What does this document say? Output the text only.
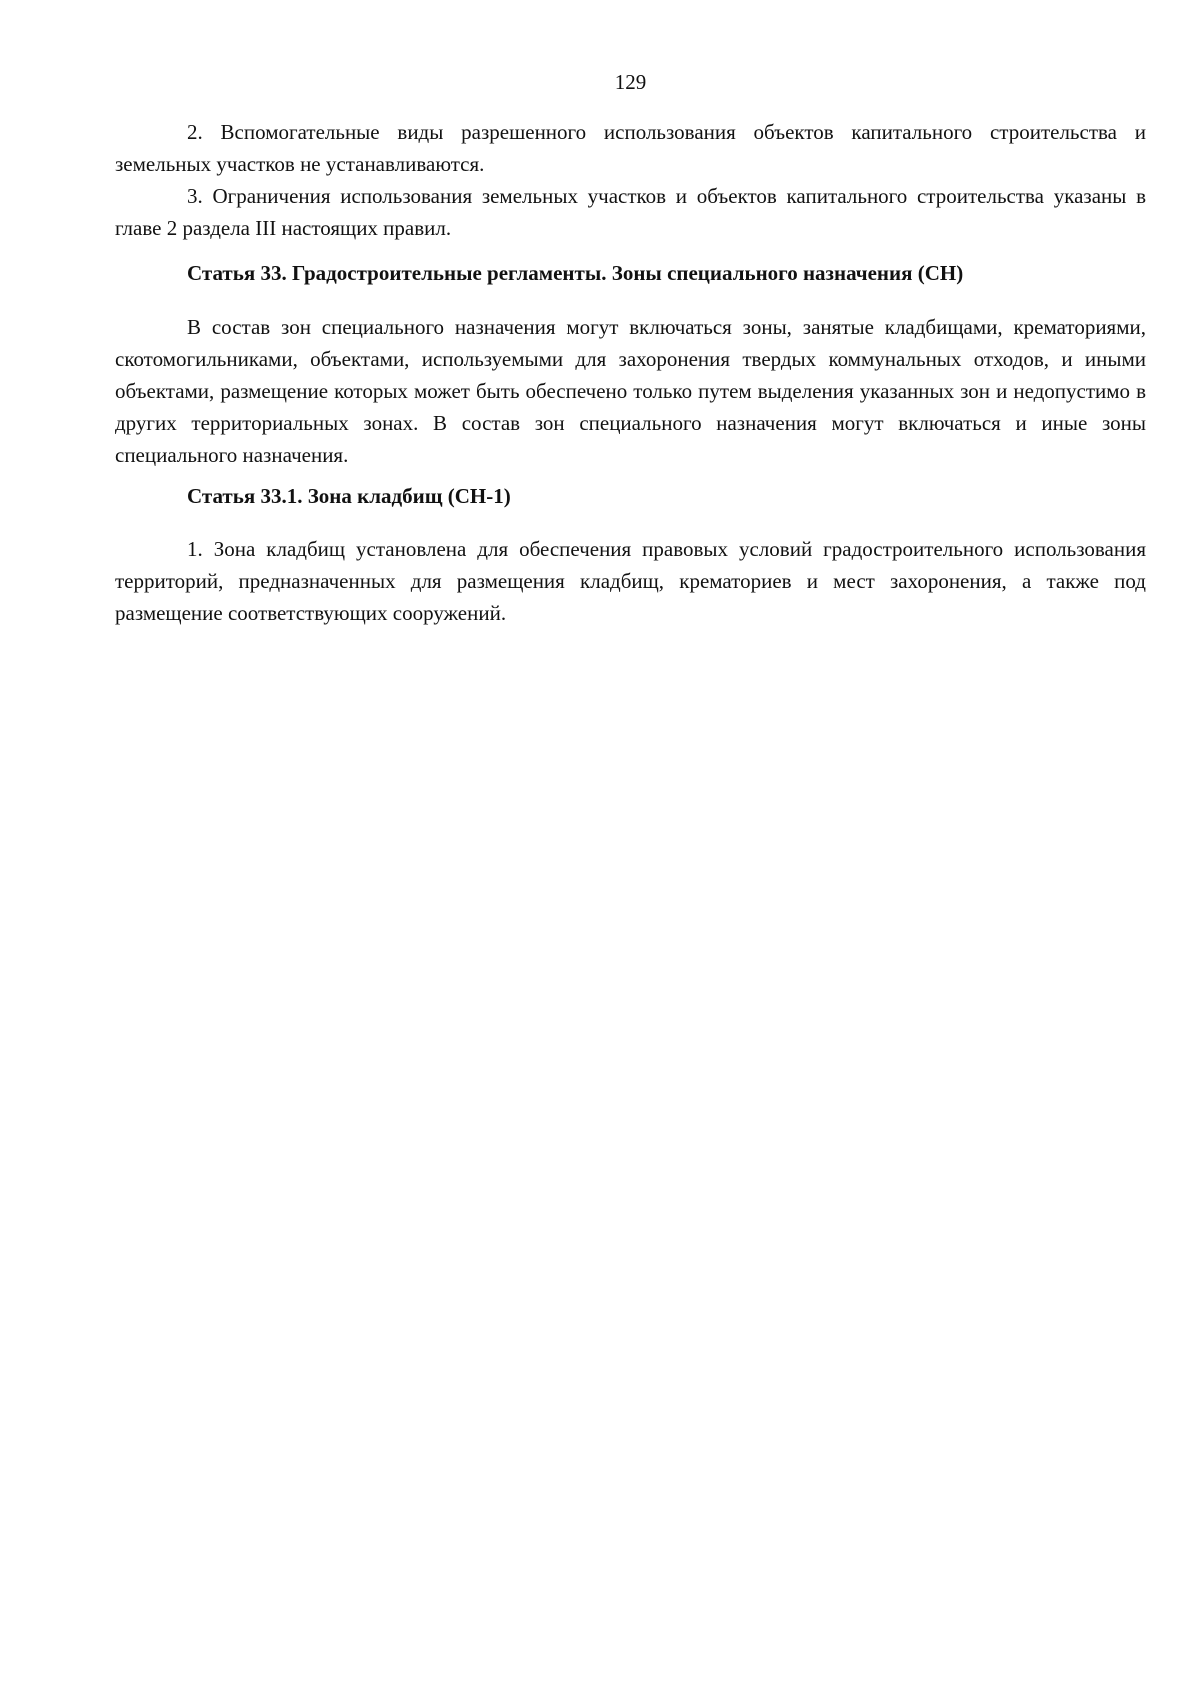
129

2. Вспомогательные виды разрешенного использования объектов капитального строительства и земельных участков не устанавливаются.

3. Ограничения использования земельных участков и объектов капитального строительства указаны в главе 2 раздела III настоящих правил.

Статья 33. Градостроительные регламенты. Зоны специального назначения (СН)

В состав зон специального назначения могут включаться зоны, занятые кладбищами, крематориями, скотомогильниками, объектами, используемыми для захоронения твердых коммунальных отходов, и иными объектами, размещение которых может быть обеспечено только путем выделения указанных зон и недопустимо в других территориальных зонах. В состав зон специального назначения могут включаться и иные зоны специального назначения.

Статья 33.1. Зона кладбищ (СН-1)

1. Зона кладбищ установлена для обеспечения правовых условий градостроительного использования территорий, предназначенных для размещения кладбищ, крематориев и мест захоронения, а также под размещение соответствующих сооружений.
